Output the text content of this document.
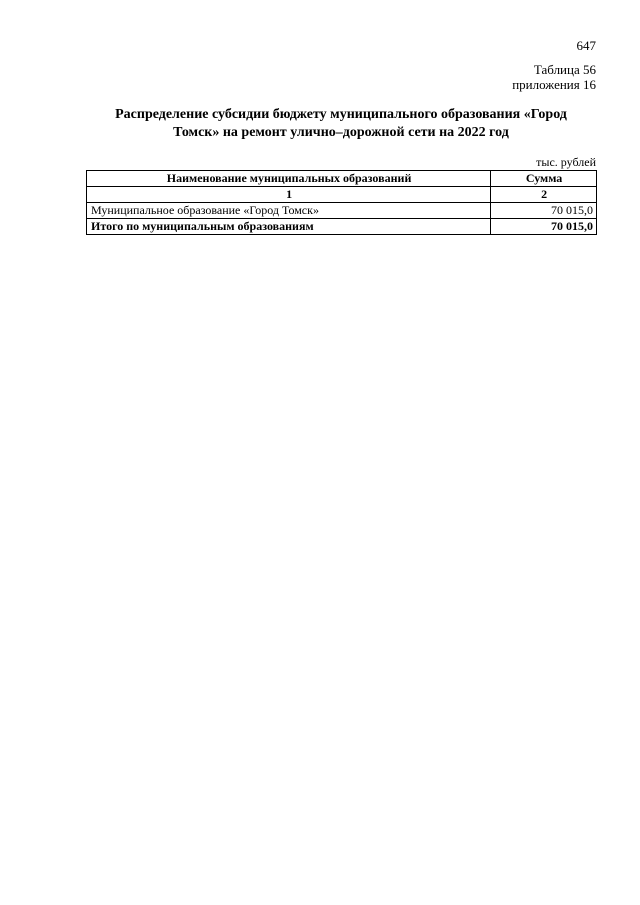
647
Таблица 56
приложения 16
Распределение субсидии бюджету муниципального образования «Город
Томск» на ремонт улично–дорожной сети на 2022 год
тыс. рублей
Наименование муниципальных образований	Сумма
1	2
Муниципальное образование «Город Томск»	70 015,0
Итого по муниципальным образованиям	70 015,0
